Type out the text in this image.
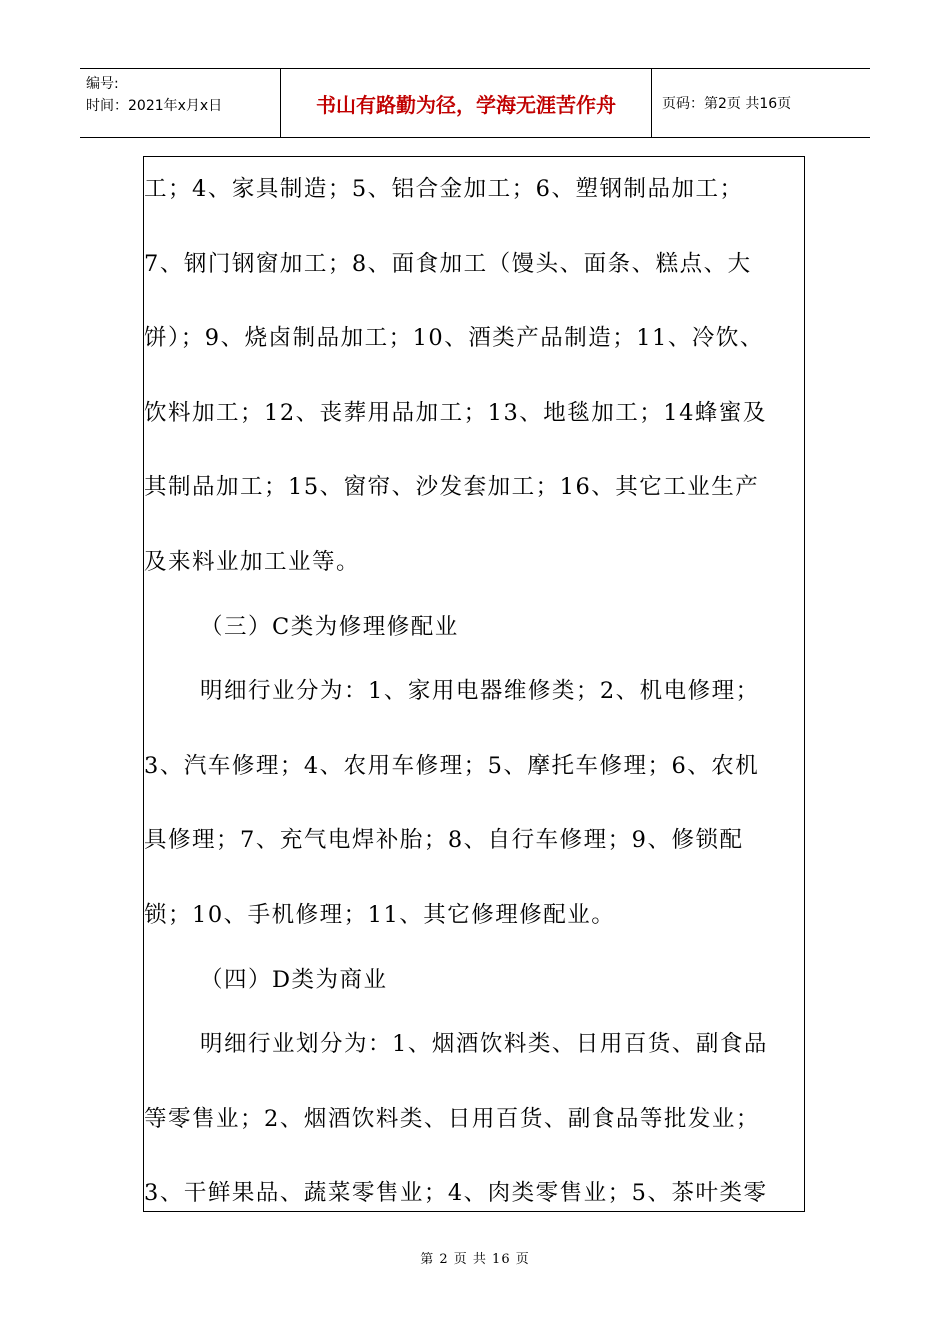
编号:
时间：2021年x月x日	书山有路勤为径，学海无涯苦作舟	页码：第2页 共16页
工；4、家具制造；5、铝合金加工；6、塑钢制品加工；
7、钢门钢窗加工；8、面食加工（馒头、面条、糕点、大
饼）；9、烧卤制品加工；10、酒类产品制造；11、冷饮、
饮料加工；12、丧葬用品加工；13、地毯加工；14蜂蜜及
其制品加工；15、窗帘、沙发套加工；16、其它工业生产
及来料业加工业等。
（三）C类为修理修配业
明细行业分为：1、家用电器维修类；2、机电修理；
3、汽车修理；4、农用车修理；5、摩托车修理；6、农机
具修理；7、充气电焊补胎；8、自行车修理；9、修锁配
锁；10、手机修理；11、其它修理修配业。
（四）D类为商业
明细行业划分为：1、烟酒饮料类、日用百货、副食品
等零售业；2、烟酒饮料类、日用百货、副食品等批发业；
3、干鲜果品、蔬菜零售业；4、肉类零售业；5、茶叶类零
第 2 页 共 16 页
